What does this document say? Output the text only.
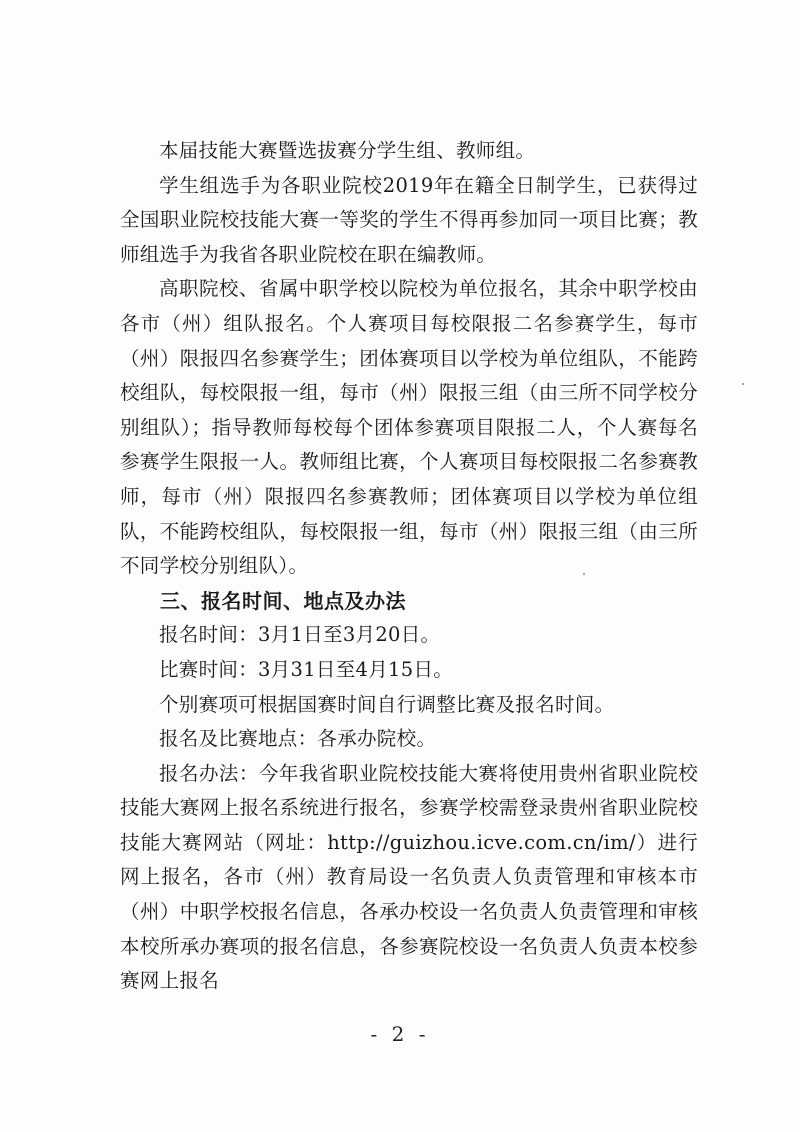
本届技能大赛暨选拔赛分学生组、教师组。

学生组选手为各职业院校2019年在籍全日制学生，已获得过全国职业院校技能大赛一等奖的学生不得再参加同一项目比赛；教师组选手为我省各职业院校在职在编教师。

高职院校、省属中职学校以院校为单位报名，其余中职学校由各市（州）组队报名。个人赛项目每校限报二名参赛学生，每市（州）限报四名参赛学生；团体赛项目以学校为单位组队，不能跨校组队，每校限报一组，每市（州）限报三组（由三所不同学校分别组队）；指导教师每校每个团体参赛项目限报二人，个人赛每名参赛学生限报一人。教师组比赛，个人赛项目每校限报二名参赛教师，每市（州）限报四名参赛教师；团体赛项目以学校为单位组队，不能跨校组队，每校限报一组，每市（州）限报三组（由三所不同学校分别组队）。

三、报名时间、地点及办法

报名时间：3月1日至3月20日。

比赛时间：3月31日至4月15日。

个别赛项可根据国赛时间自行调整比赛及报名时间。

报名及比赛地点：各承办院校。

报名办法：今年我省职业院校技能大赛将使用贵州省职业院校技能大赛网上报名系统进行报名，参赛学校需登录贵州省职业院校技能大赛网站（网址：http://guizhou.icve.com.cn/im/）进行网上报名，各市（州）教育局设一名负责人负责管理和审核本市（州）中职学校报名信息，各承办校设一名负责人负责管理和审核本校所承办赛项的报名信息，各参赛院校设一名负责人负责本校参赛网上报名

- 2 -
